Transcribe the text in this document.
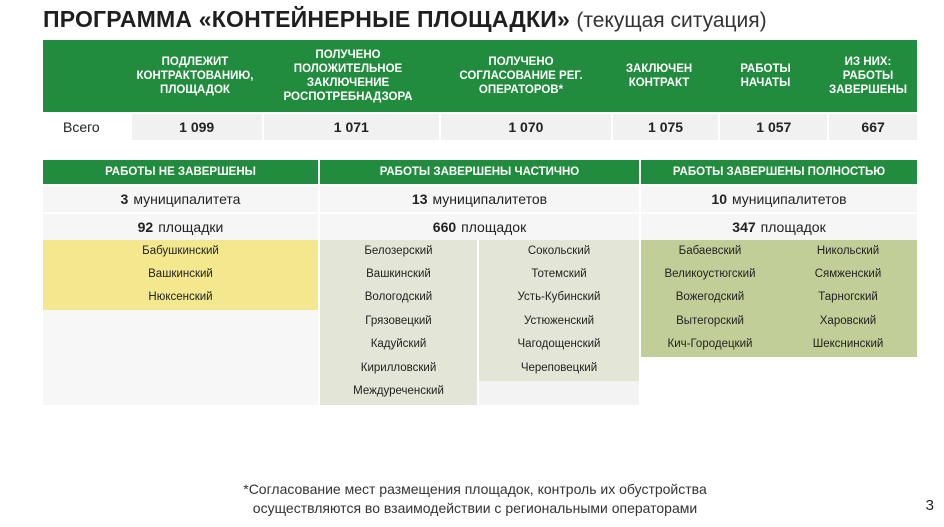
ПРОГРАММА «КОНТЕЙНЕРНЫЕ ПЛОЩАДКИ» (текущая ситуация)
ПОДЛЕЖИТ КОНТРАКТОВАНИЮ, ПЛОЩАДОК
ПОЛУЧЕНО ПОЛОЖИТЕЛЬНОЕ ЗАКЛЮЧЕНИЕ РОСПОТРЕБНАДЗОРА
ПОЛУЧЕНО СОГЛАСОВАНИЕ РЕГ. ОПЕРАТОРОВ*
ЗАКЛЮЧЕН КОНТРАКТ
РАБОТЫ НАЧАТЫ
ИЗ НИХ: РАБОТЫ ЗАВЕРШЕНЫ
Всего	1 099	1 071	1 070	1 075	1 057	667
РАБОТЫ НЕ ЗАВЕРШЕНЫ
3 муниципалитета
92 площадки
Бабушкинский
Вашкинский
Нюксенский
РАБОТЫ ЗАВЕРШЕНЫ ЧАСТИЧНО
13 муниципалитетов
660 площадок
Белозерский
Вашкинский
Вологодский
Грязовецкий
Кадуйский
Кирилловский
Междуреченский
Сокольский
Тотемский
Усть-Кубинский
Устюженский
Чагодощенский
Череповецкий
РАБОТЫ ЗАВЕРШЕНЫ ПОЛНОСТЬЮ
10 муниципалитетов
347 площадок
Бабаевский
Великоустюгский
Вожегодский
Вытегорский
Кич-Городецкий
Никольский
Сямженский
Тарногский
Харовский
Шекснинский
*Согласование мест размещения площадок, контроль их обустройства
осуществляются во взаимодействии с региональными операторами	3
